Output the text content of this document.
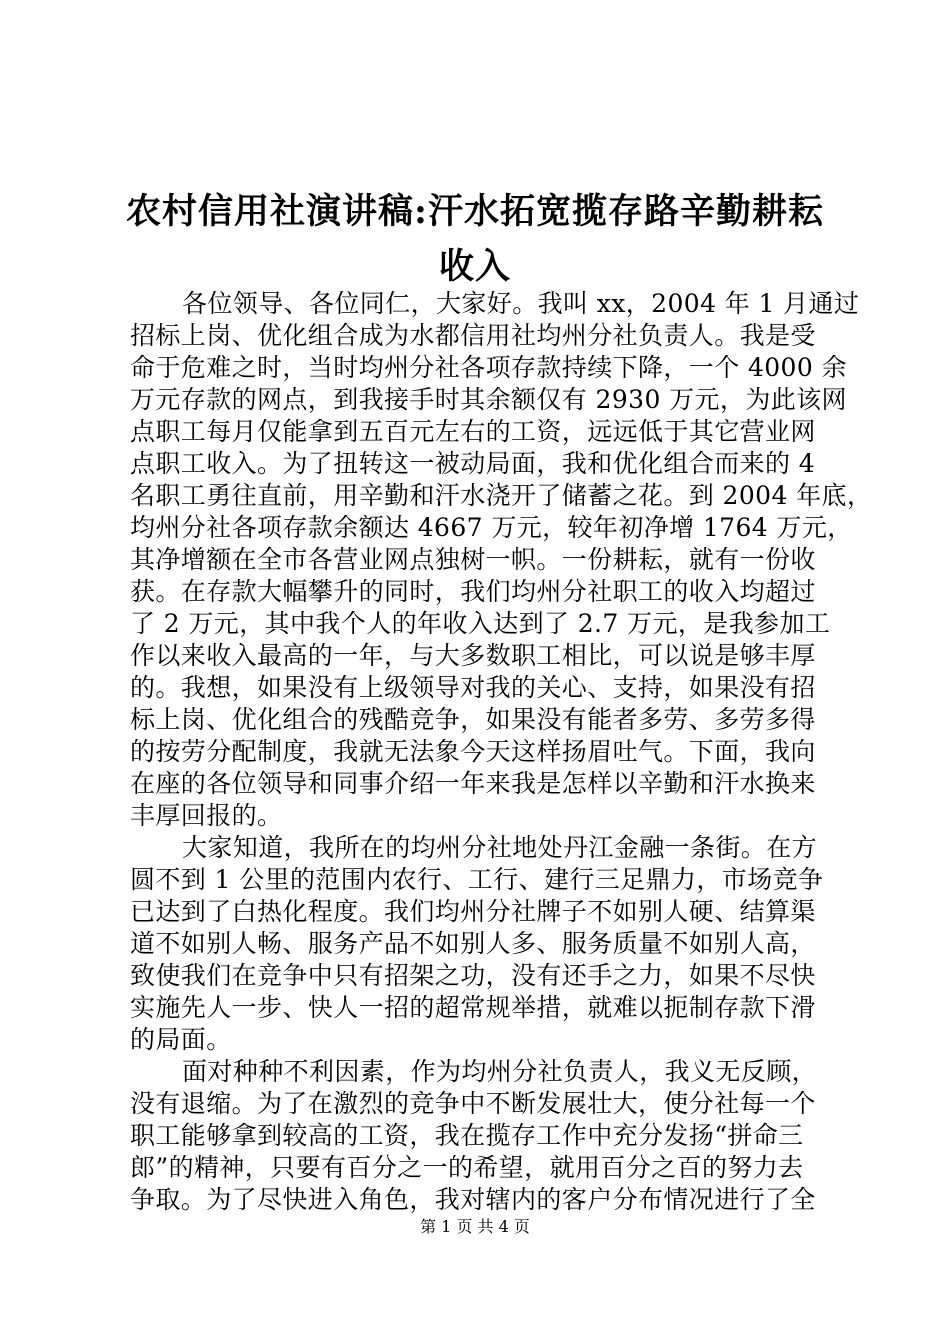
农村信用社演讲稿:汗水拓宽揽存路辛勤耕耘
收入
各位领导、各位同仁，大家好。我叫 xx，2004 年 1 月通过
招标上岗、优化组合成为水都信用社均州分社负责人。我是受
命于危难之时，当时均州分社各项存款持续下降，一个 4000 余
万元存款的网点，到我接手时其余额仅有 2930 万元，为此该网
点职工每月仅能拿到五百元左右的工资，远远低于其它营业网
点职工收入。为了扭转这一被动局面，我和优化组合而来的 4
名职工勇往直前，用辛勤和汗水浇开了储蓄之花。到 2004 年底，
均州分社各项存款余额达 4667 万元，较年初净增 1764 万元，
其净增额在全市各营业网点独树一帜。一份耕耘，就有一份收
获。在存款大幅攀升的同时，我们均州分社职工的收入均超过
了 2 万元，其中我个人的年收入达到了 2.7 万元，是我参加工
作以来收入最高的一年，与大多数职工相比，可以说是够丰厚
的。我想，如果没有上级领导对我的关心、支持，如果没有招
标上岗、优化组合的残酷竞争，如果没有能者多劳、多劳多得
的按劳分配制度，我就无法象今天这样扬眉吐气。下面，我向
在座的各位领导和同事介绍一年来我是怎样以辛勤和汗水换来
丰厚回报的。
大家知道，我所在的均州分社地处丹江金融一条街。在方
圆不到 1 公里的范围内农行、工行、建行三足鼎力，市场竞争
已达到了白热化程度。我们均州分社牌子不如别人硬、结算渠
道不如别人畅、服务产品不如别人多、服务质量不如别人高，
致使我们在竞争中只有招架之功，没有还手之力，如果不尽快
实施先人一步、快人一招的超常规举措，就难以扼制存款下滑
的局面。
面对种种不利因素，作为均州分社负责人，我义无反顾，
没有退缩。为了在激烈的竞争中不断发展壮大，使分社每一个
职工能够拿到较高的工资，我在揽存工作中充分发扬“拼命三
郎”的精神，只要有百分之一的希望，就用百分之百的努力去
争取。为了尽快进入角色，我对辖内的客户分布情况进行了全
第 1 页 共 4 页
